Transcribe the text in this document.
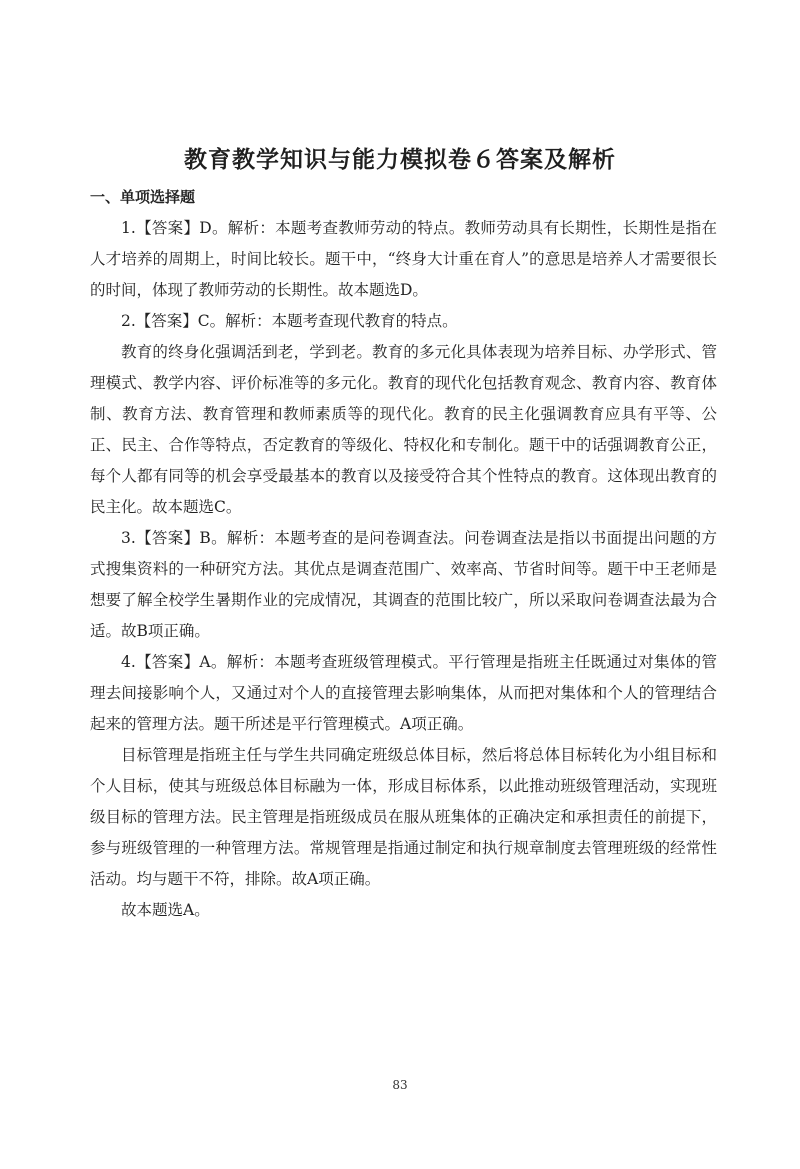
教育教学知识与能力模拟卷６答案及解析
一、单项选择题

1.【答案】D。解析：本题考查教师劳动的特点。教师劳动具有长期性，长期性是指在人才培养的周期上，时间比较长。题干中，“终身大计重在育人”的意思是培养人才需要很长的时间，体现了教师劳动的长期性。故本题选D。

2.【答案】C。解析：本题考查现代教育的特点。

教育的终身化强调活到老，学到老。教育的多元化具体表现为培养目标、办学形式、管理模式、教学内容、评价标准等的多元化。教育的现代化包括教育观念、教育内容、教育体制、教育方法、教育管理和教师素质等的现代化。教育的民主化强调教育应具有平等、公正、民主、合作等特点，否定教育的等级化、特权化和专制化。题干中的话强调教育公正，每个人都有同等的机会享受最基本的教育以及接受符合其个性特点的教育。这体现出教育的民主化。故本题选C。

3.【答案】B。解析：本题考查的是问卷调查法。问卷调查法是指以书面提出问题的方式搜集资料的一种研究方法。其优点是调查范围广、效率高、节省时间等。题干中王老师是想要了解全校学生暑期作业的完成情况，其调查的范围比较广，所以采取问卷调查法最为合适。故B项正确。

4.【答案】A。解析：本题考查班级管理模式。平行管理是指班主任既通过对集体的管理去间接影响个人，又通过对个人的直接管理去影响集体，从而把对集体和个人的管理结合起来的管理方法。题干所述是平行管理模式。A项正确。

目标管理是指班主任与学生共同确定班级总体目标，然后将总体目标转化为小组目标和个人目标，使其与班级总体目标融为一体，形成目标体系，以此推动班级管理活动，实现班级目标的管理方法。民主管理是指班级成员在服从班集体的正确决定和承担责任的前提下，参与班级管理的一种管理方法。常规管理是指通过制定和执行规章制度去管理班级的经常性活动。均与题干不符，排除。故A项正确。

故本题选A。

83
